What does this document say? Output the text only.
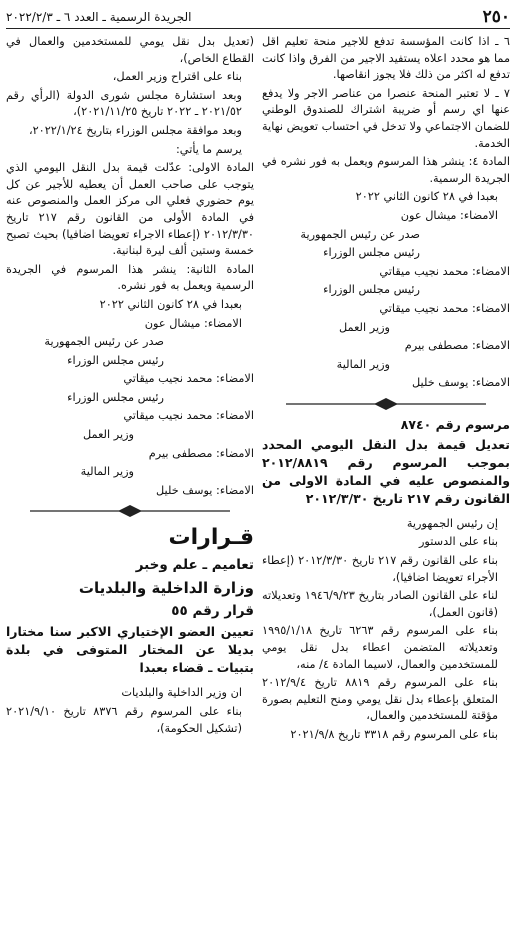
٢٥٠
الجريدة الرسمية ـ العدد ٦ ـ ٢٠٢٢/٢/٣

٦ ـ اذا كانت المؤسسة تدفع للاجير منحة تعليم اقل مما هو محدد اعلاه يستفيد الاجير من الفرق واذا كانت تدفع له اكثر من ذلك فلا يجوز انقاصها.

٧ ـ لا تعتبر المنحة عنصرا من عناصر الاجر ولا يدفع عنها اي رسم أو ضريبة اشتراك للصندوق الوطني للضمان الاجتماعي ولا تدخل في احتساب تعويض نهاية الخدمة.

المادة ٤: ينشر هذا المرسوم ويعمل به فور نشره في الجريدة الرسمية.

بعبدا في ٢٨ كانون الثاني ٢٠٢٢

الامضاء: ميشال عون

صدر عن رئيس الجمهورية

رئيس مجلس الوزراء

الامضاء: محمد نجيب ميقاتي

رئيس مجلس الوزراء

الامضاء: محمد نجيب ميقاتي

وزير العمل

الامضاء: مصطفى بيرم

وزير المالية

الامضاء: يوسف خليل

مرسوم رقم ٨٧٤٠

تعديل قيمة بدل النقل اليومي المحدد بموجب المرسوم رقم ٢٠١٢/٨٨١٩ والمنصوص عليه في المادة الاولى من القانون رقم ٢١٧ تاريخ ٢٠١٢/٣/٣٠

إن رئيس الجمهورية

بناء على الدستور

بناء على القانون رقم ٢١٧ تاريخ ٢٠١٢/٣/٣٠ (إعطاء الأجراء تعويضا اضافيا)،

لناء على القانون الصادر بتاريخ ١٩٤٦/٩/٢٣ وتعديلاته (قانون العمل)،

بناء على المرسوم رقم ٦٢٦٣ تاريخ ١٩٩٥/١/١٨ وتعديلاته المتضمن اعطاء بدل نقل يومي للمستخدمين والعمال، لاسيما المادة ٤/ منه،

بناء على المرسوم رقم ٨٨١٩ تاريخ ٢٠١٢/٩/٤ المتعلق بإعطاء بدل نقل يومي ومنح التعليم بصورة مؤقتة للمستخدمين والعمال،

بناء على المرسوم رقم ٣٣١٨ تاريخ ٢٠٢١/٩/٨

(تعديل بدل نقل يومي للمستخدمين والعمال في القطاع الخاص)،

بناء على اقتراح وزير العمل،

وبعد استشارة مجلس شورى الدولة (الرأي رقم ٢٠٢١/٥٢ ـ ٢٠٢٢ تاريخ ٢٠٢١/١١/٢٥)،

وبعد موافقة مجلس الوزراء بتاريخ ٢٠٢٢/١/٢٤،

يرسم ما يأتي:

المادة الاولى: عدّلت قيمة بدل النقل اليومي الذي يتوجب على صاحب العمل أن يعطيه للأجير عن كل يوم حضوري فعلي الى مركز العمل والمنصوص عنه في المادة الأولى من القانون رقم ٢١٧ تاريخ ٢٠١٢/٣/٣٠ (إعطاء الاجراء تعويضا اضافيا) بحيث تصبح خمسة وستين ألف ليرة لبنانية.

المادة الثانية: ينشر هذا المرسوم في الجريدة الرسمية ويعمل به فور نشره.

بعبدا في ٢٨ كانون الثاني ٢٠٢٢

الامضاء: ميشال عون

صدر عن رئيس الجمهورية

رئيس مجلس الوزراء

الامضاء: محمد نجيب ميقاتي

رئيس مجلس الوزراء

الامضاء: محمد نجيب ميقاتي

وزير العمل

الامضاء: مصطفى بيرم

وزير المالية

الامضاء: يوسف خليل

قـرارات

تعاميم ـ علم وخبر

وزارة الداخلية والبلديات

قرار رقم ٥٥

تعيين العضو الإختياري الاكبر سنا مختارا بديلا عن المختار المتوفى في بلدة بتبيات ـ قضاء بعبدا

ان وزير الداخلية والبلديات

بناء على المرسوم رقم ٨٣٧٦ تاريخ ٢٠٢١/٩/١٠ (تشكيل الحكومة)،
